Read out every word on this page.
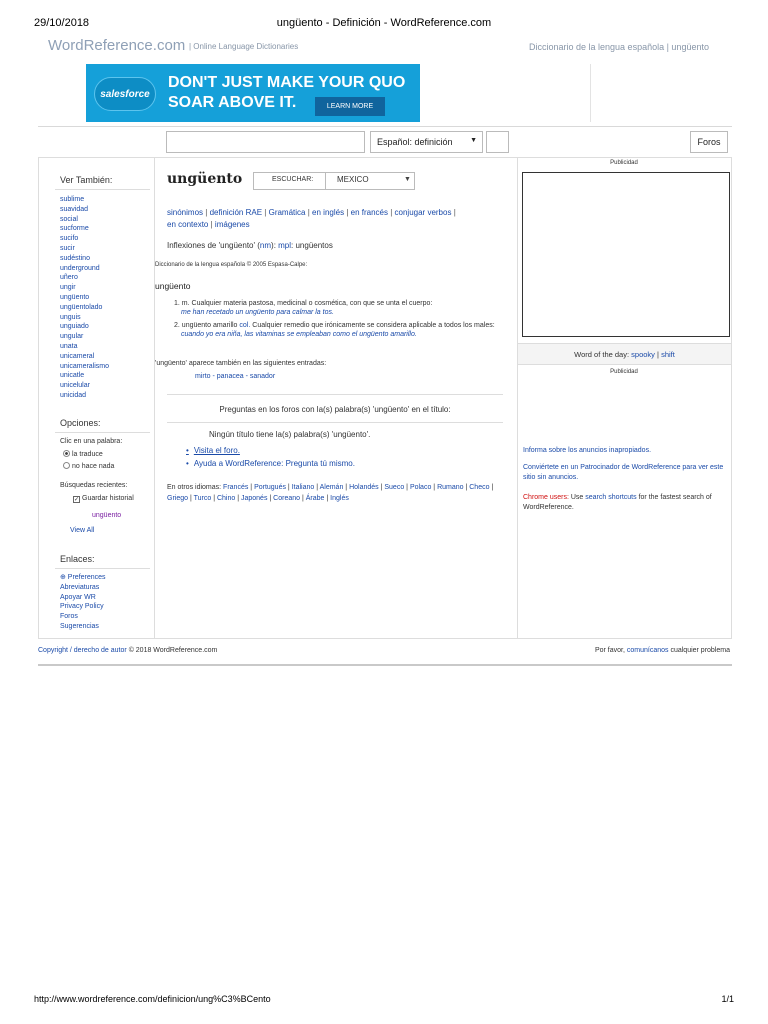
ungüento - Definición - WordReference.com
29/10/2018
http://www.wordreference.com/definicion/ung%C3%BCento	1/1
WordReference.com | Online Language Dictionaries	Diccionario de la lengua española | ungüento
salesforce
DON'T JUST MAKE YOUR QUO
SOAR ABOVE IT.	LEARN MORE
Español: definición	▼	Foros
Ver También:
sublime
suavidad
social
sucforme
sucifo
sucir
sudéstino
underground
uñero
ungir
ungüento
ungüentolado
unguis
unguiado
ungular
unata
unicameral
unicameralismo
unicatle
unicelular
unicidad
Opciones:
Clic en una palabra:
la traduce
no hace nada
Búsquedas recientes:
✓ Guardar historial
ungüento
View All
Enlaces:
⊕ Preferences
Abreviaturas
Apoyar WR
Privacy Policy
Foros
Sugerencias
ungüento	ESCUCHAR:	MEXICO	▼
sinónimos | definición RAE | Gramática | en inglés | en francés | conjugar verbos |
en contexto | imágenes
Inflexiones de 'ungüento' (nm): mpl: ungüentos
Diccionario de la lengua española © 2005 Espasa-Calpe:
ungüento
1. m. Cualquier materia pastosa, medicinal o cosmética, con que se unta el cuerpo:
me han recetado un ungüento para calmar la tos.
2. ungüento amarillo col. Cualquier remedio que irónicamente se considera aplicable a todos los males:
cuando yo era niña, las vitaminas se empleaban como el ungüento amarillo.
'ungüento' aparece también en las siguientes entradas:
mirto - panacea - sanador
Preguntas en los foros con la(s) palabra(s) 'ungüento' en el título:
Ningún título tiene la(s) palabra(s) 'ungüento'.
• Visita el foro.
• Ayuda a WordReference: Pregunta tú mismo.
En otros idiomas: Francés | Portugués | Italiano | Alemán | Holandés | Sueco | Polaco | Rumano | Checo | Griego | Turco | Chino | Japonés | Coreano | Árabe | Inglés
Publicidad
Word of the day: spooky | shift
Publicidad
Informa sobre los anuncios inapropiados.
Conviértete en un Patrocinador de WordReference para ver este sitio sin anuncios.
Chrome users: Use search shortcuts for the fastest search of WordReference.
Copyright / derecho de autor © 2018 WordReference.com	Por favor, comunícanos cualquier problema
